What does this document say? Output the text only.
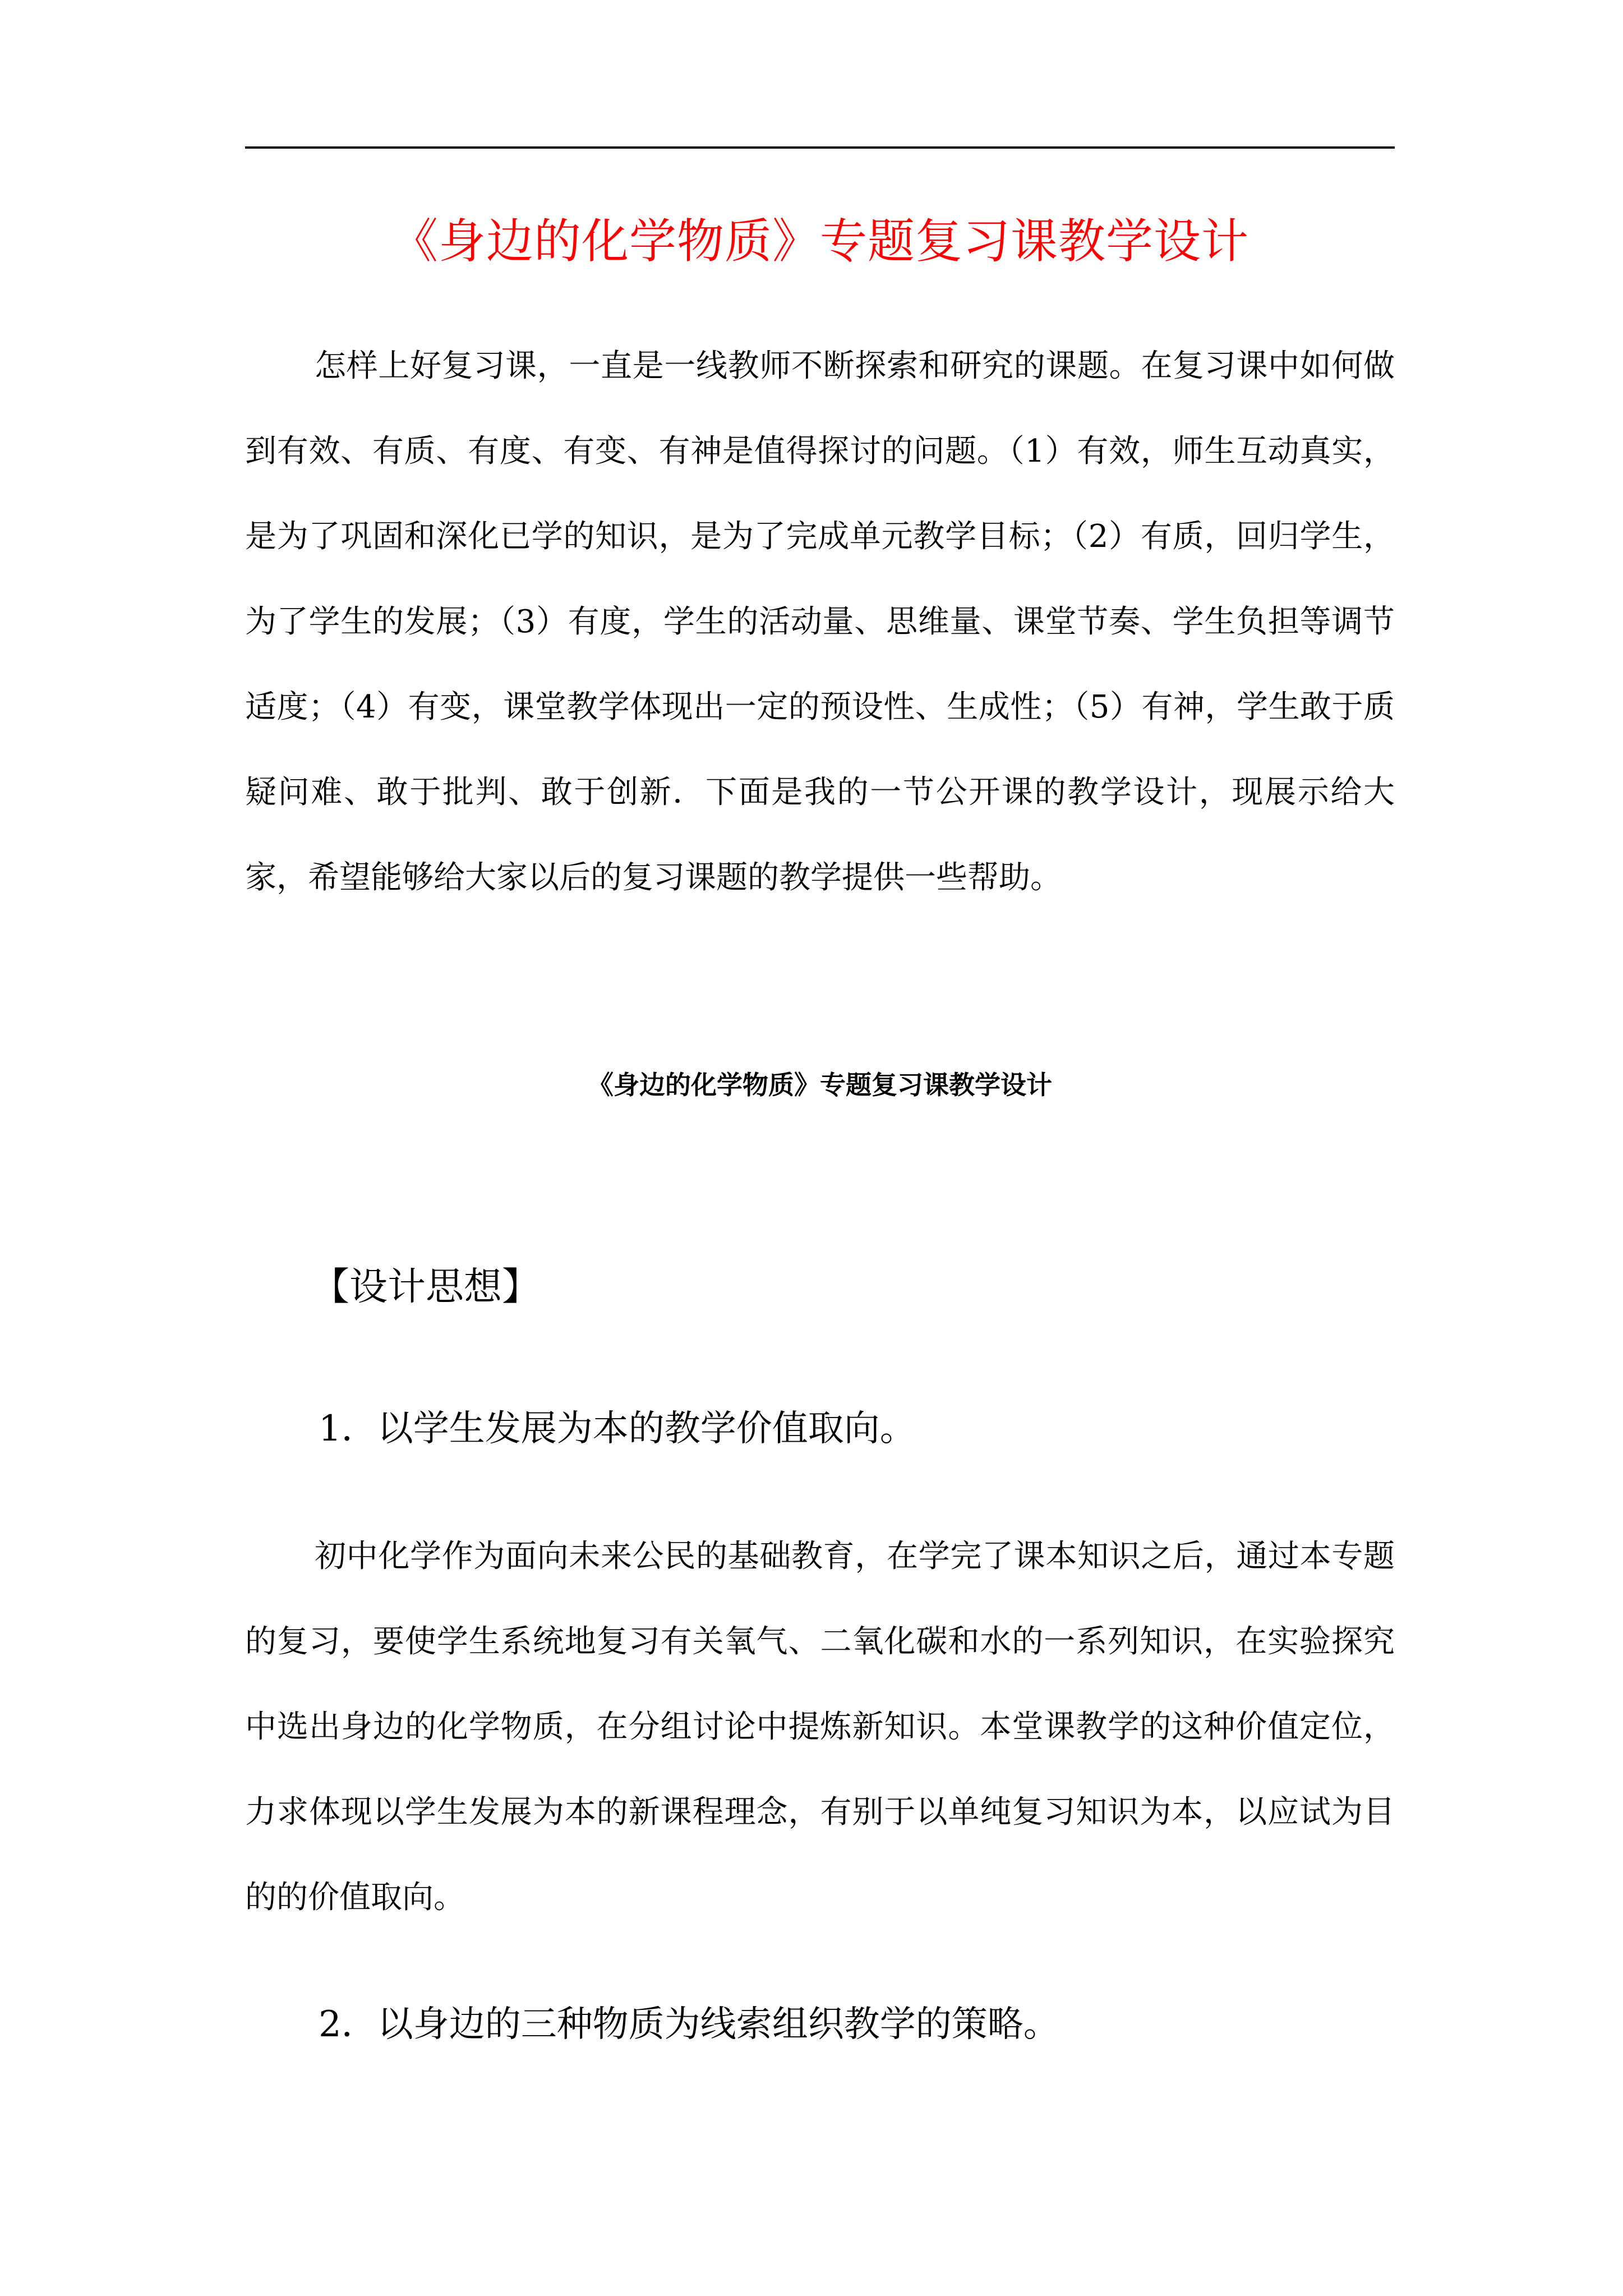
《身边的化学物质》专题复习课教学设计

怎样上好复习课，一直是一线教师不断探索和研究的课题。在复习课中如何做到有效、有质、有度、有变、有神是值得探讨的问题。（1）有效，师生互动真实，是为了巩固和深化已学的知识，是为了完成单元教学目标；（2）有质，回归学生，为了学生的发展；（3）有度，学生的活动量、思维量、课堂节奏、学生负担等调节适度；（4）有变，课堂教学体现出一定的预设性、生成性；（5）有神，学生敢于质疑问难、敢于批判、敢于创新．下面是我的一节公开课的教学设计，现展示给大家，希望能够给大家以后的复习课题的教学提供一些帮助。

《身边的化学物质》专题复习课教学设计
【设计思想】
1．以学生发展为本的教学价值取向。

初中化学作为面向未来公民的基础教育，在学完了课本知识之后，通过本专题的复习，要使学生系统地复习有关氧气、二氧化碳和水的一系列知识，在实验探究中选出身边的化学物质，在分组讨论中提炼新知识。本堂课教学的这种价值定位，力求体现以学生发展为本的新课程理念，有别于以单纯复习知识为本，以应试为目的的价值取向。

2．以身边的三种物质为线索组织教学的策略。
